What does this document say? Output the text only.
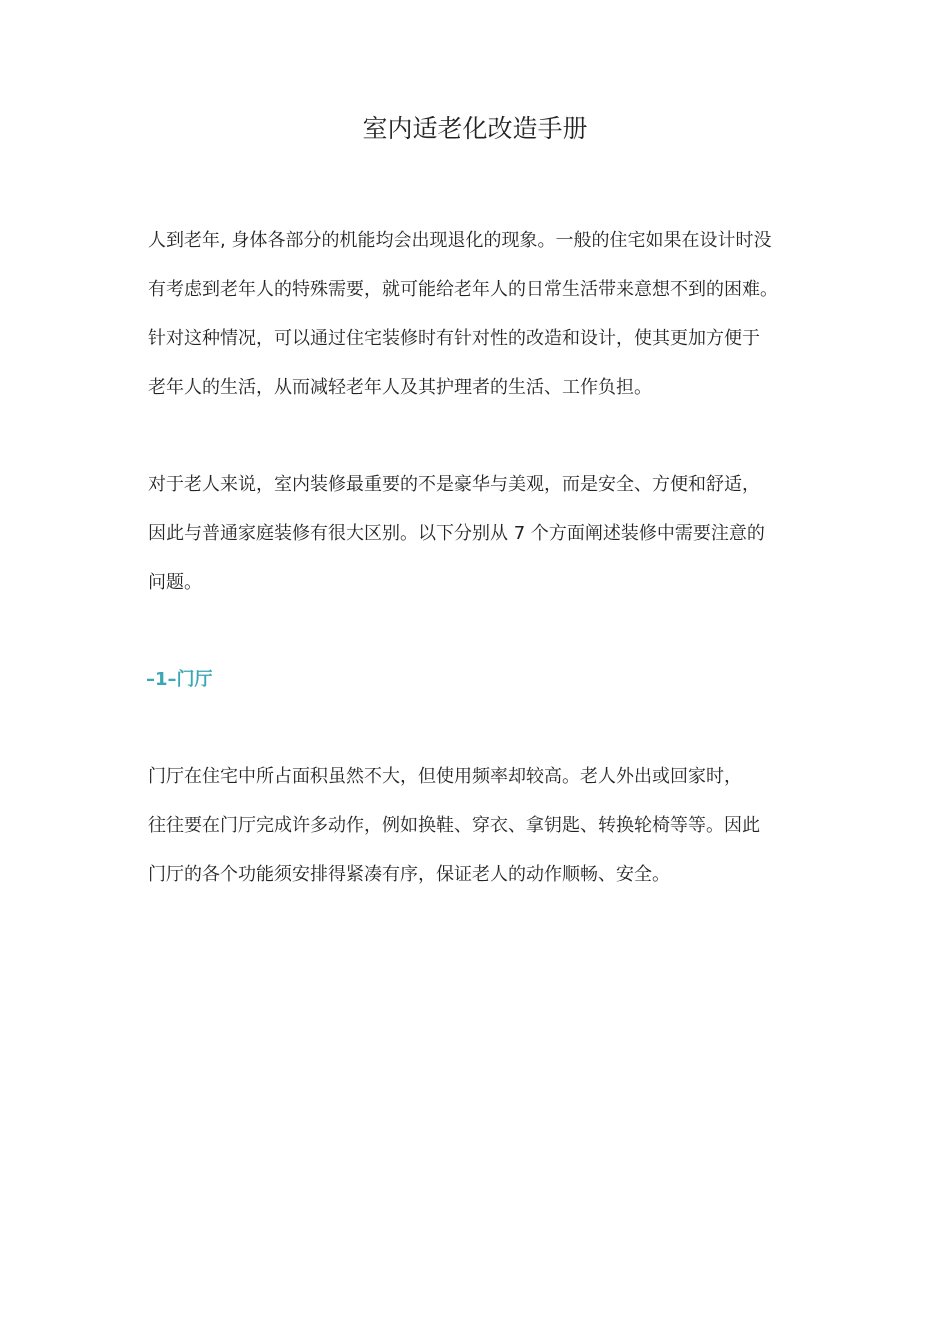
室内适老化改造手册
人到老年, 身体各部分的机能均会出现退化的现象。一般的住宅如果在设计时没
有考虑到老年人的特殊需要，就可能给老年人的日常生活带来意想不到的困难。
针对这种情况，可以通过住宅装修时有针对性的改造和设计，使其更加方便于
老年人的生活，从而减轻老年人及其护理者的生活、工作负担。
对于老人来说，室内装修最重要的不是豪华与美观，而是安全、方便和舒适，
因此与普通家庭装修有很大区别。以下分别从 7 个方面阐述装修中需要注意的
问题。
–1–门厅
门厅在住宅中所占面积虽然不大，但使用频率却较高。老人外出或回家时，
往往要在门厅完成许多动作，例如换鞋、穿衣、拿钥匙、转换轮椅等等。因此
门厅的各个功能须安排得紧凑有序，保证老人的动作顺畅、安全。
